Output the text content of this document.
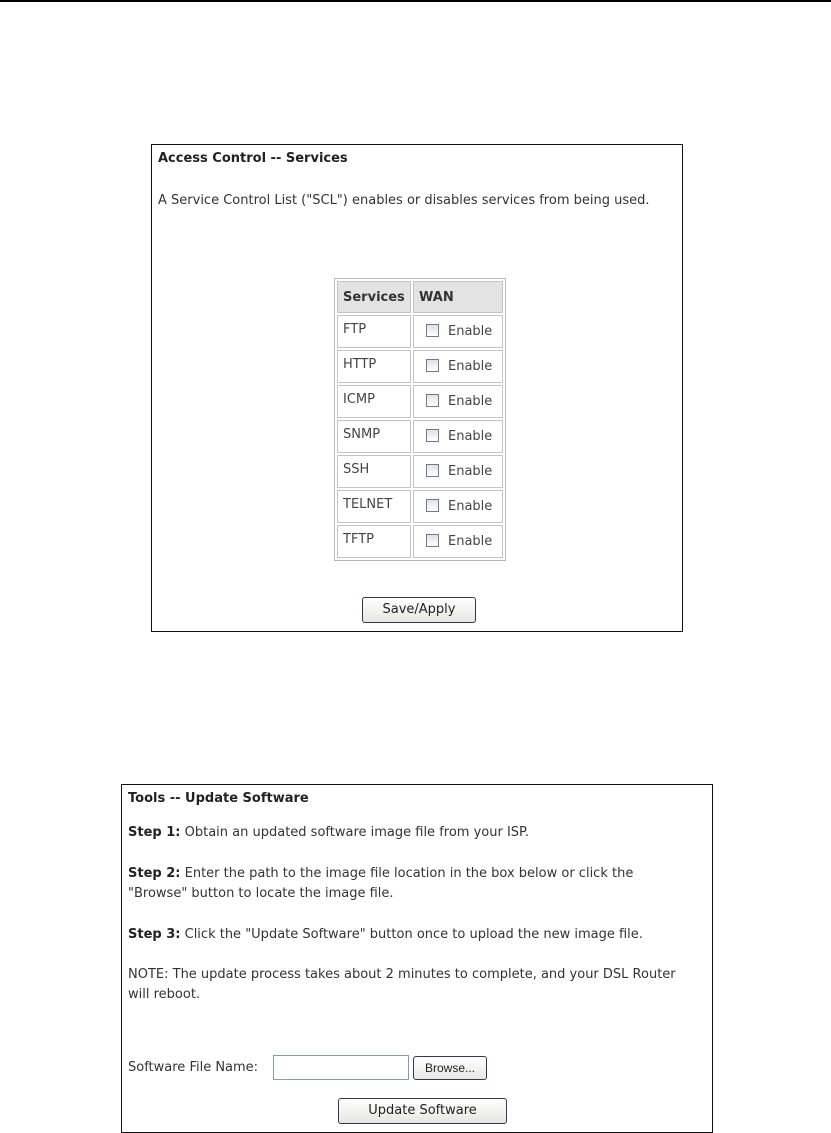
Access Control -- Services
A Service Control List ("SCL") enables or disables services from being used.
Services	WAN
FTP	Enable
HTTP	Enable
ICMP	Enable
SNMP	Enable
SSH	Enable
TELNET	Enable
TFTP	Enable
Save/Apply
Tools -- Update Software
Step 1: Obtain an updated software image file from your ISP.
Step 2: Enter the path to the image file location in the box below or click the
"Browse" button to locate the image file.
Step 3: Click the "Update Software" button once to upload the new image file.
NOTE: The update process takes about 2 minutes to complete, and your DSL Router
will reboot.
Software File Name:	Browse...
Update Software
